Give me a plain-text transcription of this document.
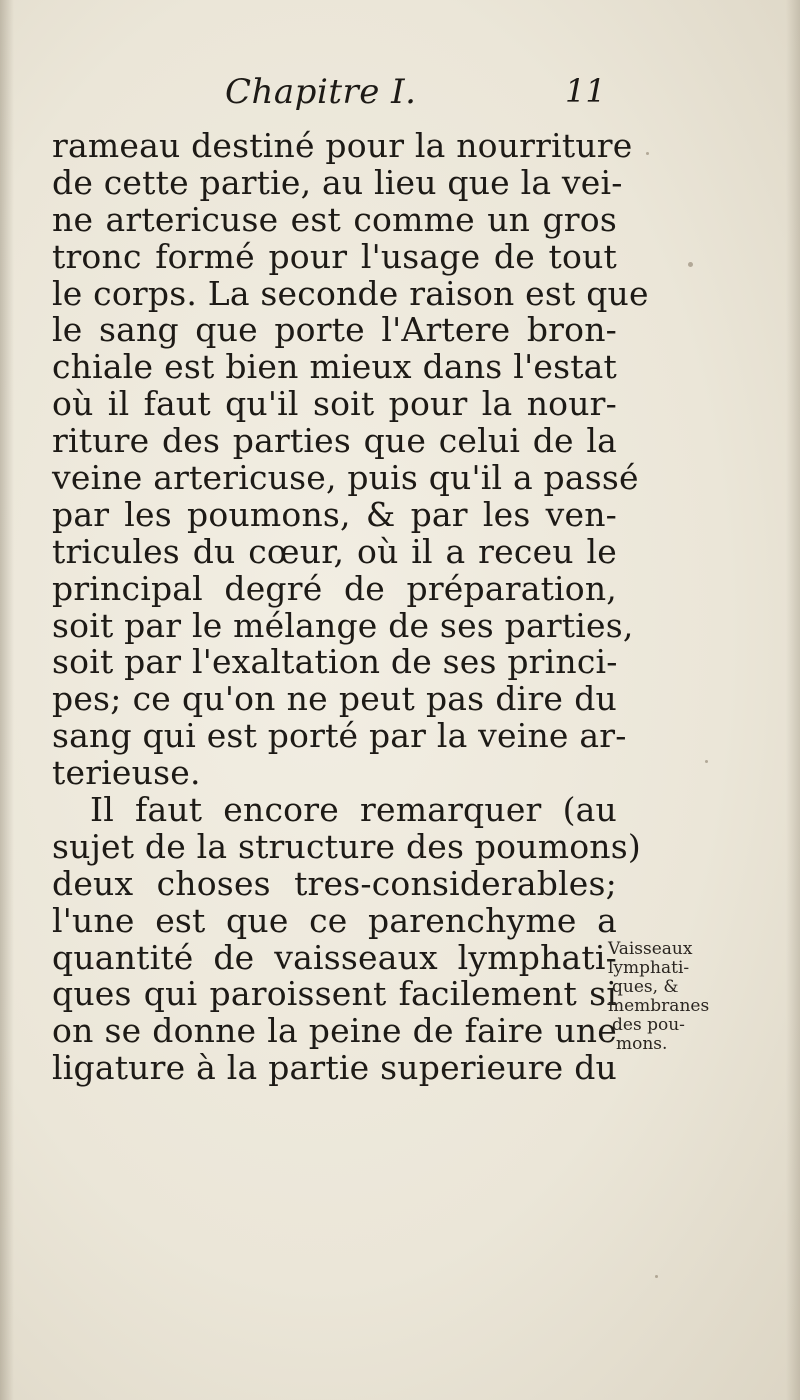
Chapitre I.	11
rameau destiné pour la nourriture
de cette partie, au lieu que la vei-
ne artericuse est comme un gros
tronc formé pour l'usage de tout
le corps. La seconde raison est que
le sang que porte l'Artere bron-
chiale est bien mieux dans l'estat
où il faut qu'il soit pour la nour-
riture des parties que celui de la
veine artericuse, puis qu'il a passé
par les poumons, & par les ven-
tricules du cœur, où il a receu le
principal degré de préparation,
soit par le mélange de ses parties,
soit par l'exaltation de ses princi-
pes; ce qu'on ne peut pas dire du
sang qui est porté par la veine ar-
terieuse.
Il faut encore remarquer (au
sujet de la structure des poumons)
deux choses tres-considerables;
l'une est que ce parenchyme a
quantité de vaisseaux lymphati-
ques qui paroissent facilement si
on se donne la peine de faire une
ligature à la partie superieure du
Vaisseaux
lymphati-
ques, &
membranes
des pou-
mons.
